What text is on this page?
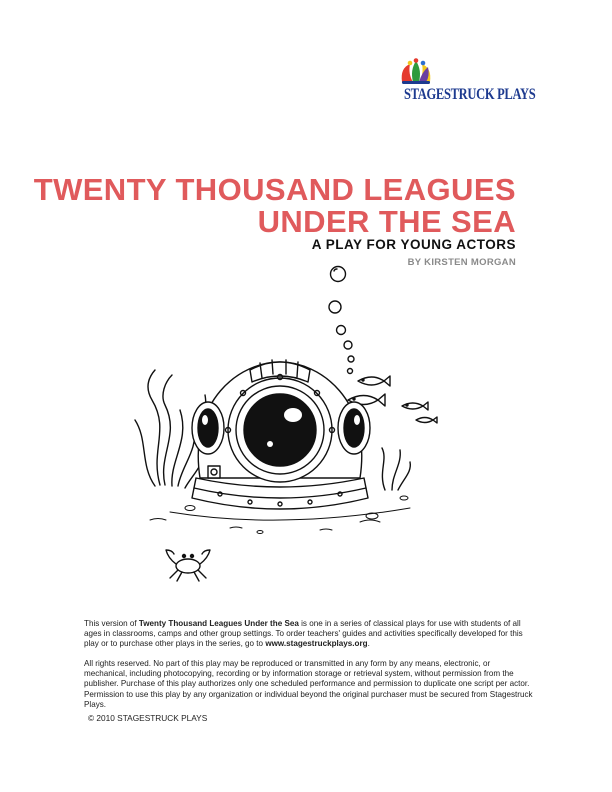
STAGESTRUCK PLAYS
TWENTY THOUSAND LEAGUES
UNDER THE SEA
A PLAY FOR YOUNG ACTORS
BY KIRSTEN MORGAN

This version of Twenty Thousand Leagues Under the Sea is one in a series of classical plays for use with students of all ages in classrooms, camps and other group settings. To order teachers' guides and activities specifically developed for this play or to purchase other plays in the series, go to www.stagestruckplays.org.

All rights reserved. No part of this play may be reproduced or transmitted in any form by any means, electronic, or mechanical, including photocopying, recording or by information storage or retrieval system, without permission from the publisher. Purchase of this play authorizes only one scheduled performance and permission to duplicate one script per actor. Permission to use this play by any organization or individual beyond the original purchaser must be secured from Stagestruck Plays.

© 2010 STAGESTRUCK PLAYS
